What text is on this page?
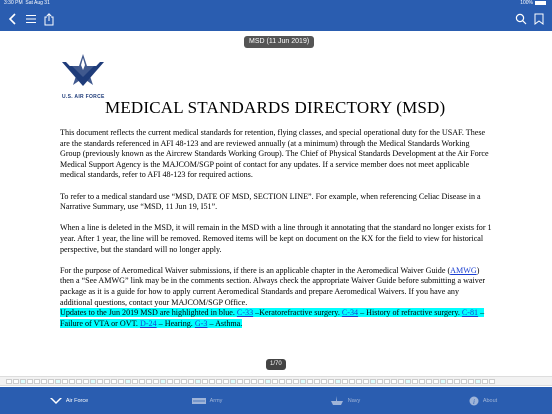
3:30 PM Sat Aug 31	100%
MSD (11 Jun 2019)
U.S. AIR FORCE
MEDICAL STANDARDS DIRECTORY (MSD)

This document reflects the current medical standards for retention, flying classes, and special operational duty for the USAF. These are the standards referenced in AFI 48-123 and are reviewed annually (at a minimum) through the Medical Standards Working Group (previously known as the Aircrew Standards Working Group). The Chief of Physical Standards Development at the Air Force Medical Support Agency is the MAJCOM/SGP point of contact for any updates. If a service member does not meet applicable medical standards, refer to AFI 48-123 for required actions.

To refer to a medical standard use “MSD, DATE OF MSD, SECTION LINE”. For example, when referencing Celiac Disease in a Narrative Summary, use “MSD, 11 Jun 19, I51”.

When a line is deleted in the MSD, it will remain in the MSD with a line through it annotating that the standard no longer exists for 1 year. After 1 year, the line will be removed. Removed items will be kept on document on the KX for the field to view for historical perspective, but the standard will no longer apply.

For the purpose of Aeromedical Waiver submissions, if there is an applicable chapter in the Aeromedical Waiver Guide (AMWG) then a “See AMWG” link may be in the comments section. Always check the appropriate Waiver Guide before submitting a waiver package as it is a guide for how to apply current Aeromedical Standards and prepare Aeromedical Waivers. If you have any additional questions, contact your MAJCOM/SGP Office.
Updates to the Jun 2019 MSD are highlighted in blue. C-33 –Keratorefractive surgery. C-34 – History of refractive surgery. C-81 – Failure of VTA or OVT. D-24 – Hearing. G-3 – Asthma.

1/70
Air Force	Army	Navy	i About
